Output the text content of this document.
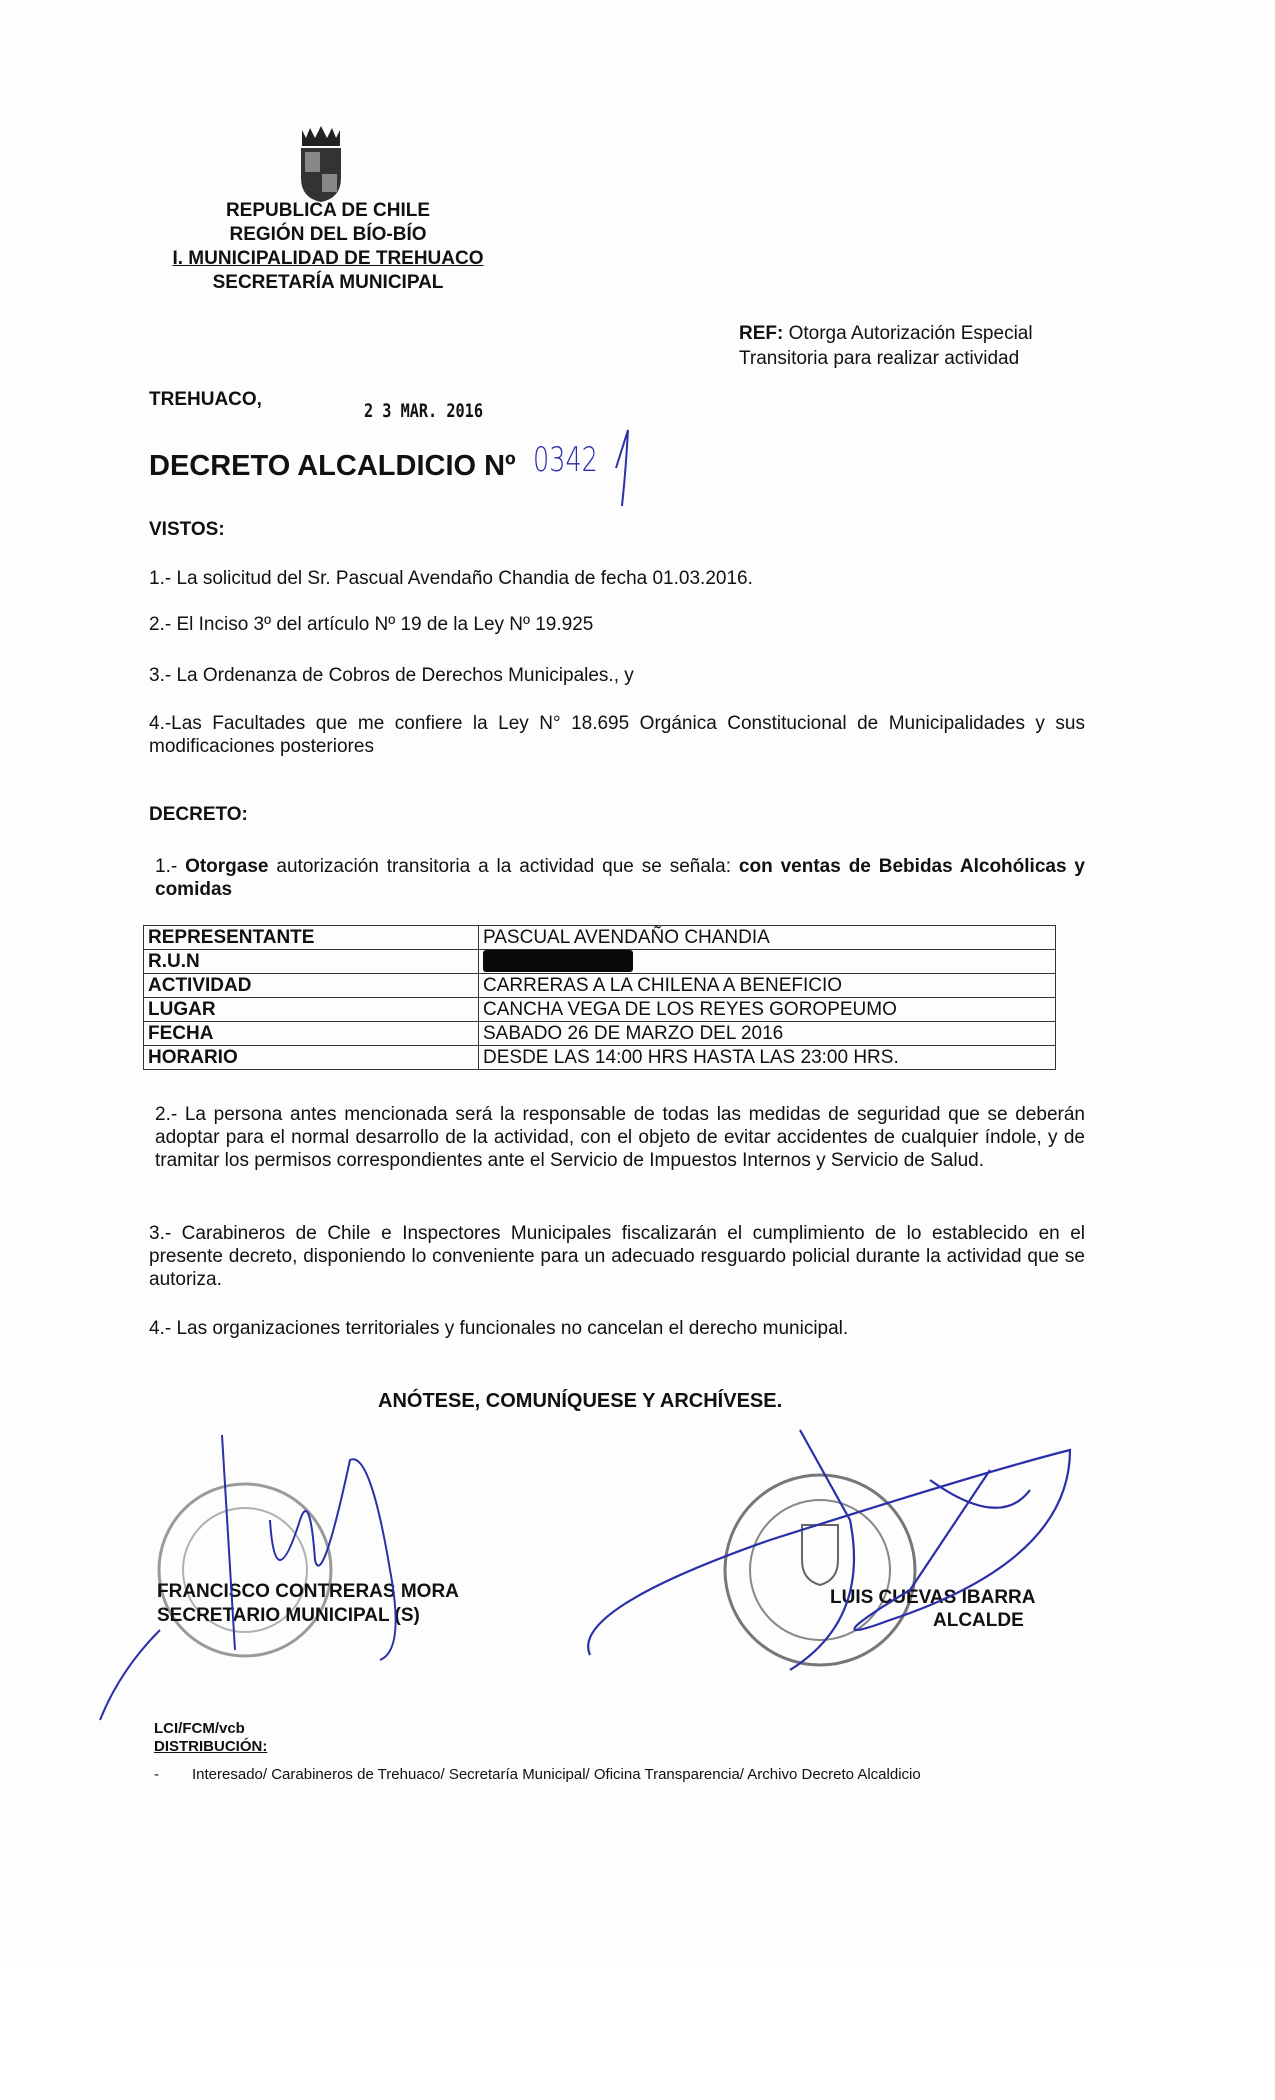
REPUBLICA DE CHILE
REGIÓN DEL BÍO-BÍO
I. MUNICIPALIDAD DE TREHUACO
SECRETARÍA MUNICIPAL
REF: Otorga Autorización Especial
Transitoria para realizar actividad
TREHUACO,
2 3 MAR. 2016
DECRETO ALCALDICIO Nº 0342
VISTOS:
1.- La solicitud del Sr. Pascual Avendaño Chandia de fecha 01.03.2016.
2.- El Inciso 3º del artículo Nº 19 de la Ley Nº 19.925
3.- La Ordenanza de Cobros de Derechos Municipales., y
4.-Las Facultades que me confiere la Ley N° 18.695 Orgánica Constitucional de Municipalidades y sus modificaciones posteriores
DECRETO:
1.- Otorgase autorización transitoria a la actividad que se señala: con ventas de Bebidas Alcohólicas y comidas
REPRESENTANTE	PASCUAL AVENDAÑO CHANDIA
R.U.N	
ACTIVIDAD	CARRERAS A LA CHILENA A BENEFICIO
LUGAR	CANCHA VEGA DE LOS REYES GOROPEUMO
FECHA	SABADO 26 DE MARZO DEL 2016
HORARIO	DESDE LAS 14:00 HRS HASTA LAS 23:00 HRS.
2.- La persona antes mencionada será la responsable de todas las medidas de seguridad que se deberán adoptar para el normal desarrollo de la actividad, con el objeto de evitar accidentes de cualquier índole, y de tramitar los permisos correspondientes ante el Servicio de Impuestos Internos y Servicio de Salud.
3.- Carabineros de Chile e Inspectores Municipales fiscalizarán el cumplimiento de lo establecido en el presente decreto, disponiendo lo conveniente para un adecuado resguardo policial durante la actividad que se autoriza.
4.- Las organizaciones territoriales y funcionales no cancelan el derecho municipal.
ANÓTESE, COMUNÍQUESE Y ARCHÍVESE.
FRANCISCO CONTRERAS MORA
SECRETARIO MUNICIPAL (S)
LUIS CUEVAS IBARRA
ALCALDE
LCI/FCM/vcb
DISTRIBUCIÓN:
- Interesado/ Carabineros de Trehuaco/ Secretaría Municipal/ Oficina Transparencia/ Archivo Decreto Alcaldicio
